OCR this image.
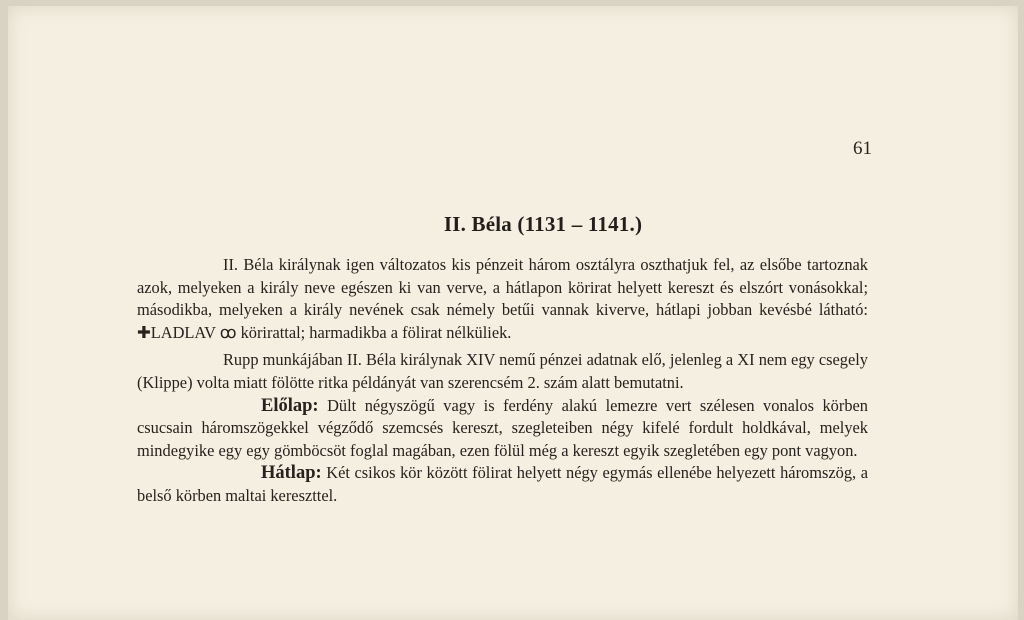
61
II. Béla (1131 – 1141.)

II. Béla királynak igen változatos kis pénzeit három osztályra oszthatjuk fel, az elsőbe tartoznak azok, melyeken a király neve egészen ki van verve, a hátlapon körirat helyett kereszt és elszórt vonásokkal; másodikba, melyeken a király nevének csak némely betűi vannak kiverve, hátlapi jobban kevésbé látható: ✚LADLAV ꝏ körirattal; harmadikba a fölirat nélküliek.

Rupp munkájában II. Béla királynak XIV nemű pénzei adatnak elő, jelenleg a XI nem egy csegely (Klippe) volta miatt fölötte ritka példányát van szerencsém 2. szám alatt bemutatni.

Előlap: Dült négyszögű vagy is ferdény alakú lemezre vert szélesen vonalos körben csucsain háromszögekkel végződő szemcsés kereszt, szegleteiben négy kifelé fordult holdkával, melyek mindegyike egy egy gömböcsöt foglal magában, ezen fölül még a kereszt egyik szegletében egy pont vagyon.

Hátlap: Két csikos kör között fölirat helyett négy egymás ellenébe helyezett háromszög, a belső körben maltai kereszttel.
